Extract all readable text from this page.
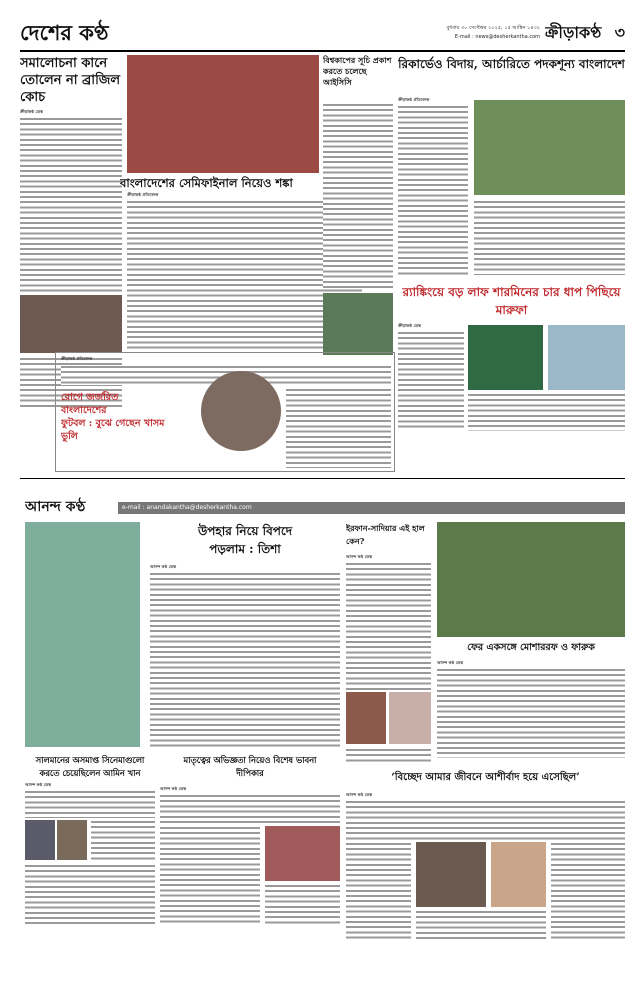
দেশের কণ্ঠ	বুধবার ৩০ সেপ্টেম্বর ২০২৫, ১৫ আশ্বিন ১৪৩২
E-mail : news@desherkantha.com ক্রীড়াকণ্ঠ ৩
সমালোচনা কানে তোলেন না ব্রাজিল কোচ
ক্রীড়াকণ্ঠ ডেস্ক
বাংলাদেশের সেমিফাইনাল নিয়েও শঙ্কা
ক্রীড়াকণ্ঠ প্রতিবেদক
বিশ্বকাপের সূচি প্রকাশ করতে চলেছে আইসিসি
রিকার্ভেও বিদায়, আর্চারিতে পদকশূন্য বাংলাদেশ
ক্রীড়াকণ্ঠ প্রতিবেদক
র‌্যাঙ্কিংয়ে বড় লাফ শারমিনের চার ধাপ পিছিয়ে মারুফা
ক্রীড়াকণ্ঠ ডেস্ক
ক্রীড়াকণ্ঠ প্রতিবেদক
রোগে জর্জরিত
বাংলাদেশের
ফুটবল : বুঝে গেছেন খাসম ভুলি
আনন্দ কণ্ঠ	e-mail : anandakantha@desherkantha.com
উপহার নিয়ে বিপদে
পড়লাম : তিশা
আনন্দ কণ্ঠ ডেস্ক
ইরফান-সাদিয়ার এই হাল কেন?
আনন্দ কণ্ঠ ডেস্ক
ফের একসঙ্গে মোশাররফ ও ফারুক
আনন্দ কণ্ঠ ডেস্ক
সালমানের অসমাপ্ত সিনেমাগুলো
করতে চেয়েছিলেন আমিন খান
আনন্দ কণ্ঠ ডেস্ক
মাতৃত্বের অভিজ্ঞতা নিয়েও বিশেষ ভাবনা দীপিকার
আনন্দ কণ্ঠ ডেস্ক
‘বিচ্ছেদ আমার জীবনে আশীর্বাদ হয়ে এসেছিল’
আনন্দ কণ্ঠ ডেস্ক
